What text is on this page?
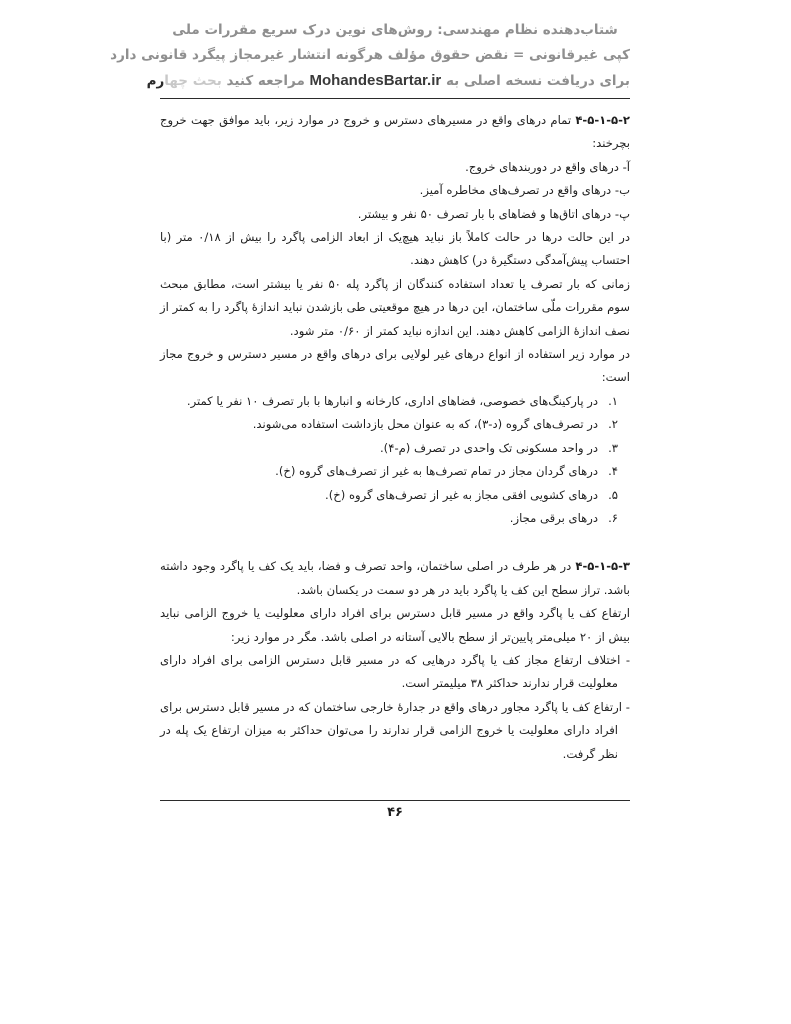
شتاب‌دهنده نظام مهندسی: روش‌های نوین درک سریع مقررات ملی
کپی غیرقانونی = نقض حقوق مؤلف هرگونه انتشار غیرمجاز پیگرد قانونی دارد
برای دریافت نسخه اصلی به MohandesBartar.ir مراجعه کنید بحث چهارم

۴-۵-۱-۵-۲ تمام درهای واقع در مسیرهای دسترس و خروج در موارد زیر، باید موافق جهت خروج بچرخند:

آ- درهای واقع در دوربندهای خروج.

ب- درهای واقع در تصرف‌های مخاطره آمیز.

پ- درهای اتاق‌ها و فضاهای با بار تصرف ۵۰ نفر و بیشتر.

در این حالت درها در حالت کاملاً باز نباید هیچ‌یک از ابعاد الزامی پاگرد را بیش از ۰/۱۸ متر (با احتساب پیش‌آمدگی دستگیرهٔ در) کاهش دهند.

زمانی که بار تصرف یا تعداد استفاده کنندگان از پاگرد پله ۵۰ نفر یا بیشتر است، مطابق مبحث سوم مقررات ملّی ساختمان، این درها در هیچ موقعیتی طی بازشدن نباید اندازهٔ پاگرد را به کمتر از نصف اندازهٔ الزامی کاهش دهند. این اندازه نباید کمتر از ۰/۶۰ متر شود.

در موارد زیر استفاده از انواع درهای غیر لولایی برای درهای واقع در مسیر دسترس و خروج مجاز است:

۱.
در پارکینگ‌های خصوصی، فضاهای اداری، کارخانه و انبارها با بار تصرف ۱۰ نفر یا کمتر.
۲.
در تصرف‌های گروه (د-۳)، که به عنوان محل بازداشت استفاده می‌شوند.
۳.
در واحد مسکونی تک واحدی در تصرف (م-۴).
۴.
درهای گردان مجاز در تمام تصرف‌ها به غیر از تصرف‌های گروه (خ).
۵.
درهای کشویی افقی مجاز به غیر از تصرف‌های گروه (خ).
۶.
درهای برقی مجاز.

۴-۵-۱-۵-۳ در هر طرف در اصلی ساختمان، واحد تصرف و فضا، باید یک کف یا پاگرد وجود داشته باشد. تراز سطح این کف یا پاگرد باید در هر دو سمت در یکسان باشد.

ارتفاع کف یا پاگرد واقع در مسیر قابل دسترس برای افراد دارای معلولیت یا خروج الزامی نباید بیش از ۲۰ میلی‌متر پایین‌تر از سطح بالایی آستانه در اصلی باشد. مگر در موارد زیر:

- اختلاف ارتفاع مجاز کف یا پاگرد درهایی که در مسیر قابل دسترس الزامی برای افراد دارای معلولیت قرار ندارند حداکثر ۳۸ میلیمتر است.

- ارتفاع کف یا پاگرد مجاور درهای واقع در جدارهٔ خارجی ساختمان که در مسیر قابل دسترس برای افراد دارای معلولیت یا خروج الزامی قرار ندارند را می‌توان حداکثر به میزان ارتفاع یک پله در نظر گرفت.

۴۶
